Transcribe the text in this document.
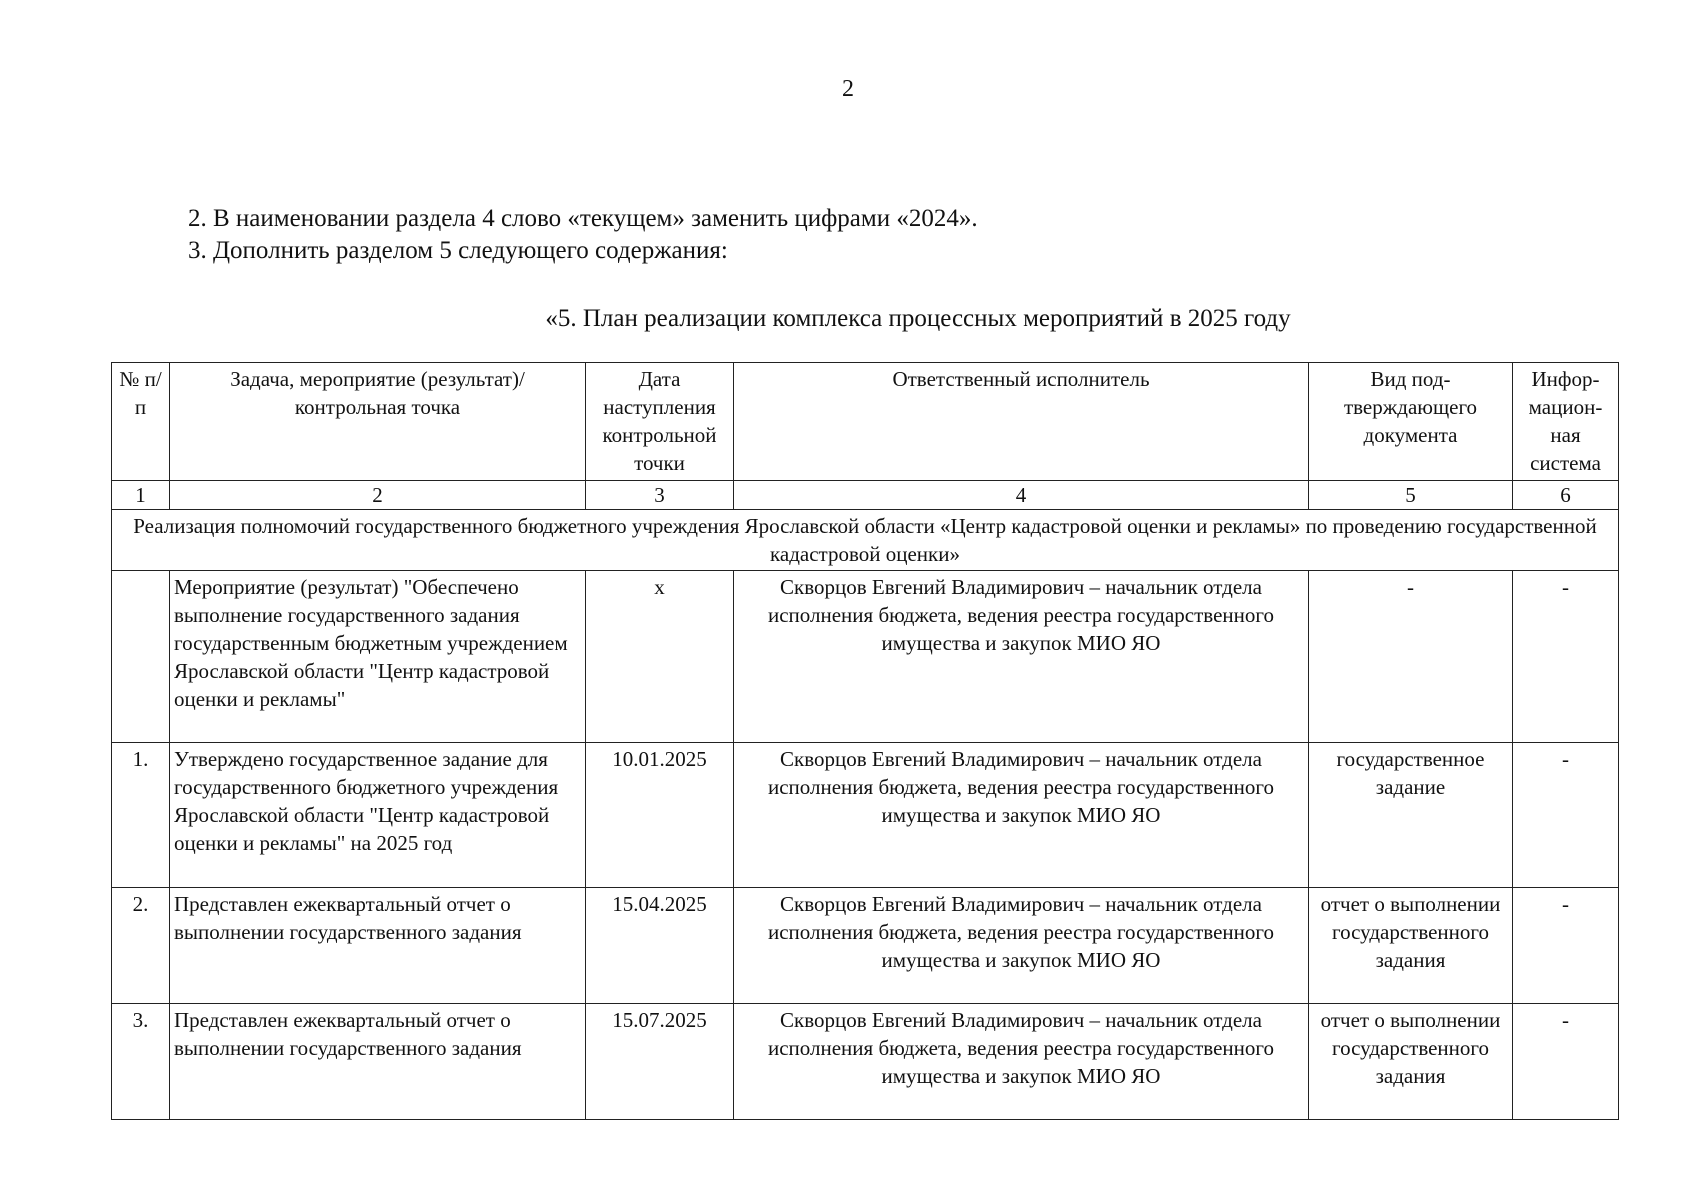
2
2. В наименовании раздела 4 слово «текущем» заменить цифрами «2024».
3. Дополнить разделом 5 следующего содержания:
«5. План реализации комплекса процессных мероприятий в 2025 году
№ п/п	Задача, мероприятие (результат)/ контрольная точка	Дата наступления контрольной точки	Ответственный исполнитель	Вид под-тверждающего документа	Инфор-мацион-ная система
1	2	3	4	5	6
Реализация полномочий государственного бюджетного учреждения Ярославской области «Центр кадастровой оценки и рекламы» по проведению государственной кадастровой оценки»					
	Мероприятие (результат) "Обеспечено выполнение государственного задания государственным бюджетным учреждением Ярославской области "Центр кадастровой оценки и рекламы"	x	Скворцов Евгений Владимирович – начальник отдела исполнения бюджета, ведения реестра государственного имущества и закупок МИО ЯО	-	-
1.	Утверждено государственное задание для государственного бюджетного учреждения Ярославской области "Центр кадастровой оценки и рекламы" на 2025 год	10.01.2025	Скворцов Евгений Владимирович – начальник отдела исполнения бюджета, ведения реестра государственного имущества и закупок МИО ЯО	государственное задание	-
2.	Представлен ежеквартальный отчет о выполнении государственного задания	15.04.2025	Скворцов Евгений Владимирович – начальник отдела исполнения бюджета, ведения реестра государственного имущества и закупок МИО ЯО	отчет о выполнении государственного задания	-
3.	Представлен ежеквартальный отчет о выполнении государственного задания	15.07.2025	Скворцов Евгений Владимирович – начальник отдела исполнения бюджета, ведения реестра государственного имущества и закупок МИО ЯО	отчет о выполнении государственного задания	-
